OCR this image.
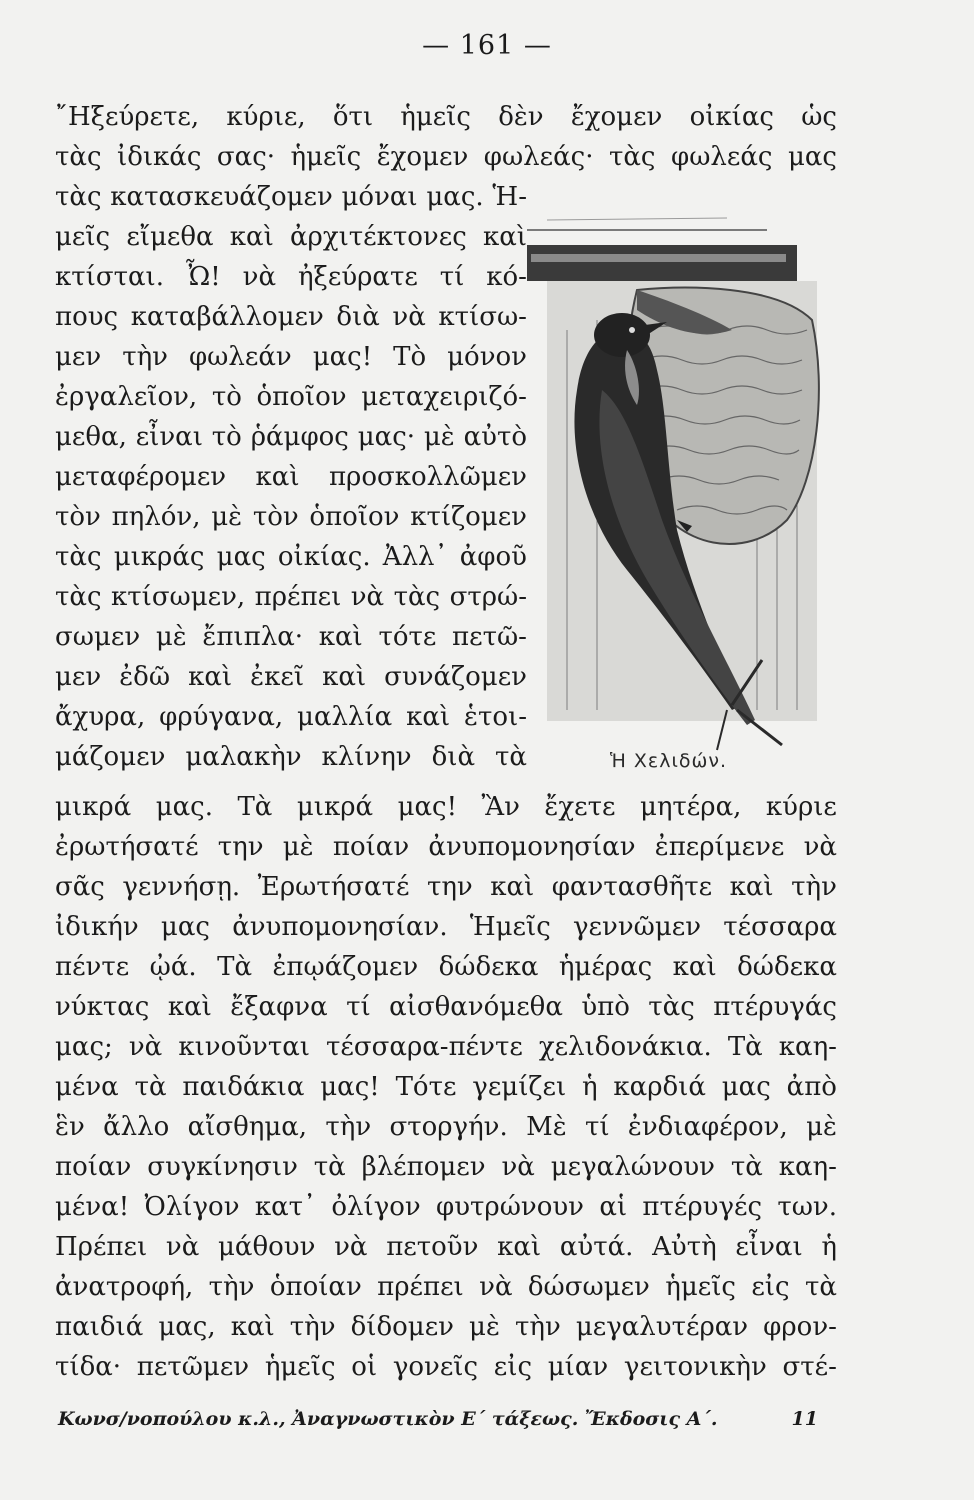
— 161 —
῎Ηξεύρετε, κύριε, ὅτι ἡμεῖς δὲν ἔχομεν οἰκίας ὡς
τὰς ἰδικάς σας· ἡμεῖς ἔχομεν φωλεάς· τὰς φωλεάς μας
τὰς κατασκευάζομεν μόναι μας. Ἡ-
μεῖς εἴμεθα καὶ ἀρχιτέκτονες καὶ
κτίσται. Ὦ! νὰ ἠξεύρατε τί κό-
πους καταβάλλομεν διὰ νὰ κτίσω-
μεν τὴν φωλεάν μας! Τὸ μόνον
ἐργαλεῖον, τὸ ὁποῖον μεταχειριζό-
μεθα, εἶναι τὸ ῥάμφος μας· μὲ αὐτὸ
μεταφέρομεν καὶ προσκολλῶμεν
τὸν πηλόν, μὲ τὸν ὁποῖον κτίζομεν
τὰς μικράς μας οἰκίας. Ἀλλ᾽ ἀφοῦ
τὰς κτίσωμεν, πρέπει νὰ τὰς στρώ-
σωμεν μὲ ἔπιπλα· καὶ τότε πετῶ-
μεν ἐδῶ καὶ ἐκεῖ καὶ συνάζομεν
ἄχυρα, φρύγανα, μαλλία καὶ ἑτοι-
μάζομεν μαλακὴν κλίνην διὰ τὰ
μικρά μας. Τὰ μικρά μας! Ἂν ἔχετε μητέρα, κύριε
ἐρωτήσατέ την μὲ ποίαν ἀνυπομονησίαν ἐπερίμενε νὰ
σᾶς γεννήσῃ. Ἐρωτήσατέ την καὶ φαντασθῆτε καὶ τὴν
ἰδικήν μας ἀνυπομονησίαν. Ἡμεῖς γεννῶμεν τέσσαρα
πέντε ᾠά. Τὰ ἐπῳάζομεν δώδεκα ἡμέρας καὶ δώδεκα
νύκτας καὶ ἔξαφνα τί αἰσθανόμεθα ὑπὸ τὰς πτέρυγάς
μας; νὰ κινοῦνται τέσσαρα-πέντε χελιδονάκια. Τὰ καη-
μένα τὰ παιδάκια μας! Τότε γεμίζει ἡ καρδιά μας ἀπὸ
ἓν ἄλλο αἴσθημα, τὴν στοργήν. Μὲ τί ἐνδιαφέρον, μὲ
ποίαν συγκίνησιν τὰ βλέπομεν νὰ μεγαλώνουν τὰ καη-
μένα! Ὀλίγον κατ᾽ ὀλίγον φυτρώνουν αἱ πτέρυγές των.
Πρέπει νὰ μάθουν νὰ πετοῦν καὶ αὐτά. Αὐτὴ εἶναι ἡ
ἀνατροφή, τὴν ὁποίαν πρέπει νὰ δώσωμεν ἡμεῖς εἰς τὰ
παιδιά μας, καὶ τὴν δίδομεν μὲ τὴν μεγαλυτέραν φρον-
τίδα· πετῶμεν ἡμεῖς οἱ γονεῖς εἰς μίαν γειτονικὴν στέ-
Ἡ Χελιδών.
Κωνσ/νοπούλου κ.λ., Ἀναγνωστικὸν Ε΄ τάξεως. Ἔκδοσις Α΄.	11
